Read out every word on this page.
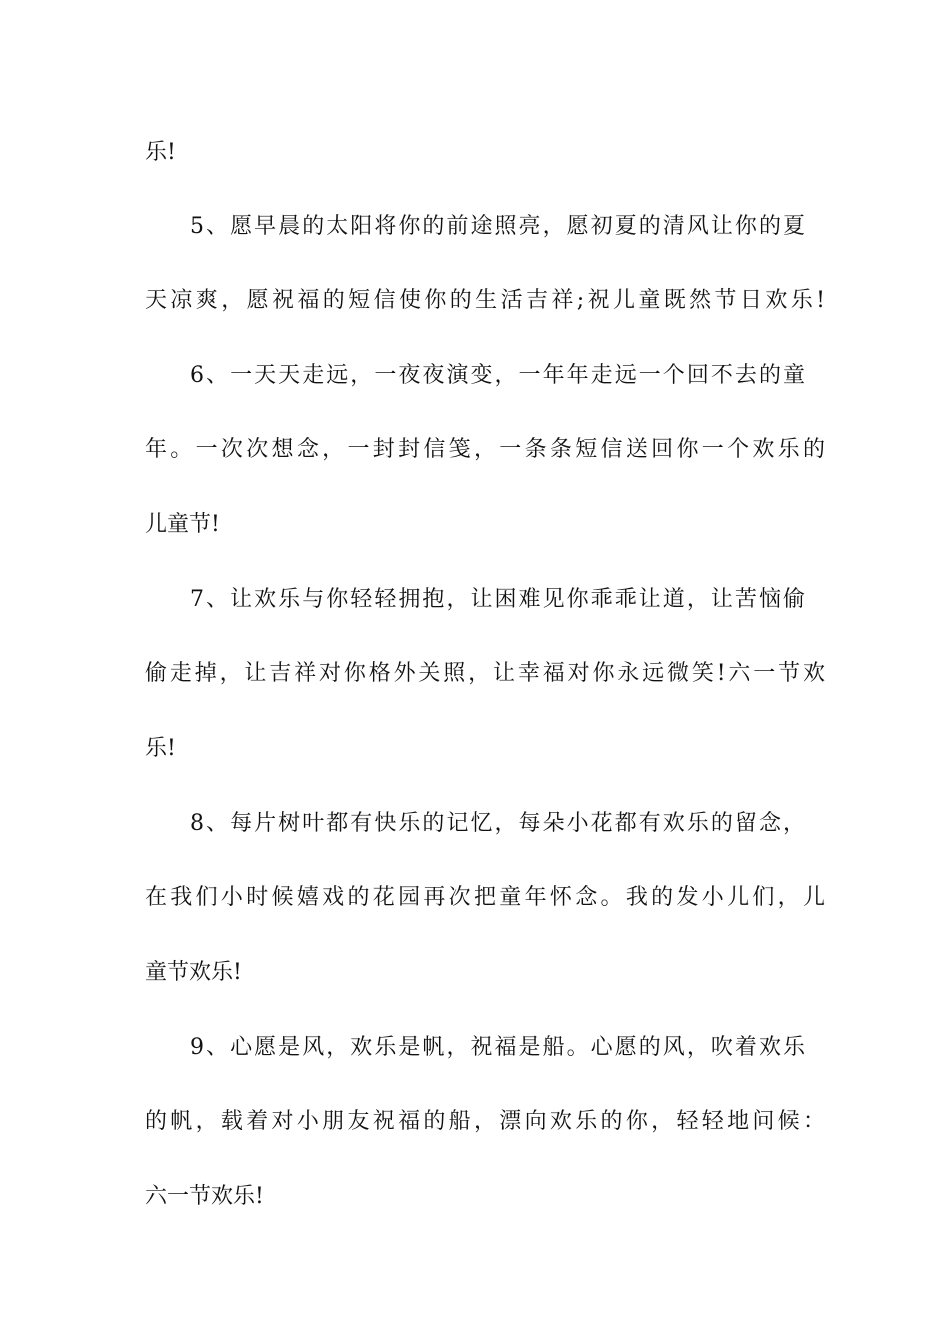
乐!
5、愿早晨的太阳将你的前途照亮，愿初夏的清风让你的夏
天凉爽，愿祝福的短信使你的生活吉祥;祝儿童既然节日欢乐!
6、一天天走远，一夜夜演变，一年年走远一个回不去的童
年。一次次想念，一封封信笺，一条条短信送回你一个欢乐的
儿童节!
7、让欢乐与你轻轻拥抱，让困难见你乖乖让道，让苦恼偷
偷走掉，让吉祥对你格外关照，让幸福对你永远微笑!六一节欢
乐!
8、每片树叶都有快乐的记忆，每朵小花都有欢乐的留念，
在我们小时候嬉戏的花园再次把童年怀念。我的发小儿们，儿
童节欢乐!
9、心愿是风，欢乐是帆，祝福是船。心愿的风，吹着欢乐
的帆，载着对小朋友祝福的船，漂向欢乐的你，轻轻地问候：
六一节欢乐!
